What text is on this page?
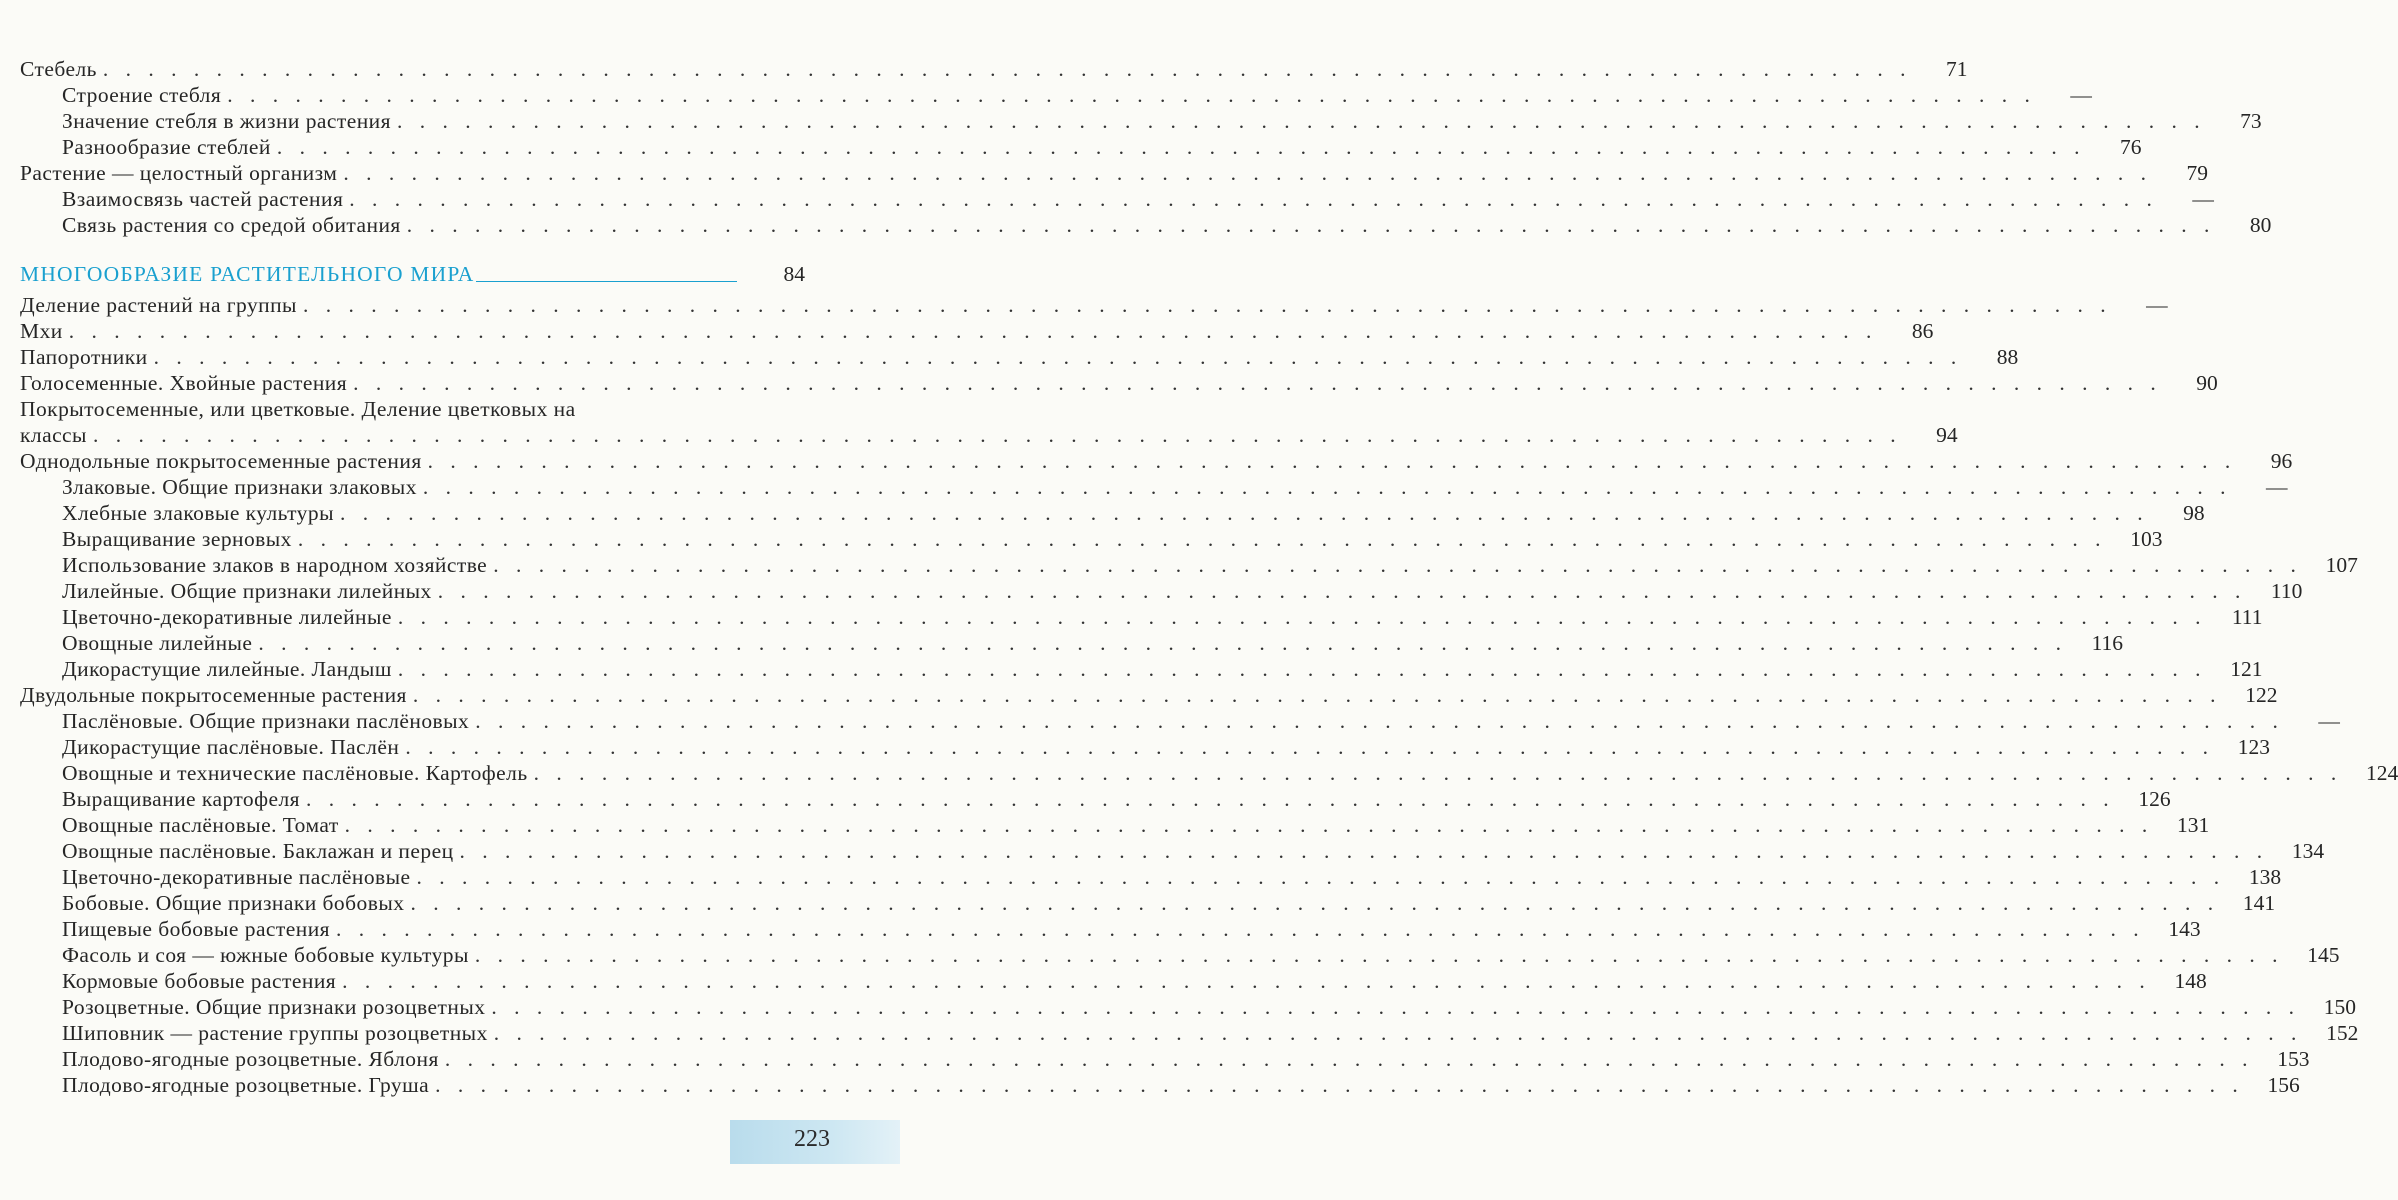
Стебель . . . . . . . . . . . . . . . . . . . . . . . . . . . . . . . . . . . . . . . . . . . . . . . . . . . . . . . . . . . . . . . . . . . . . . . . . . . . . . . .	71
Строение стебля . . . . . . . . . . . . . . . . . . . . . . . . . . . . . . . . . . . . . . . . . . . . . . . . . . . . . . . . . . . . . . . . . . . . . . . . . . . . . . . .	—
Значение стебля в жизни растения . . . . . . . . . . . . . . . . . . . . . . . . . . . . . . . . . . . . . . . . . . . . . . . . . . . . . . . . . . . . . . . . . . . . . . . . . . . . . . . .	73
Разнообразие стеблей . . . . . . . . . . . . . . . . . . . . . . . . . . . . . . . . . . . . . . . . . . . . . . . . . . . . . . . . . . . . . . . . . . . . . . . . . . . . . . . .	76
Растение — целостный организм . . . . . . . . . . . . . . . . . . . . . . . . . . . . . . . . . . . . . . . . . . . . . . . . . . . . . . . . . . . . . . . . . . . . . . . . . . . . . . . .	79
Взаимосвязь частей растения . . . . . . . . . . . . . . . . . . . . . . . . . . . . . . . . . . . . . . . . . . . . . . . . . . . . . . . . . . . . . . . . . . . . . . . . . . . . . . . .	—
Связь растения со средой обитания . . . . . . . . . . . . . . . . . . . . . . . . . . . . . . . . . . . . . . . . . . . . . . . . . . . . . . . . . . . . . . . . . . . . . . . . . . . . . . . .	80
МНОГООБРАЗИЕ РАСТИТЕЛЬНОГО МИРА	84
Деление растений на группы . . . . . . . . . . . . . . . . . . . . . . . . . . . . . . . . . . . . . . . . . . . . . . . . . . . . . . . . . . . . . . . . . . . . . . . . . . . . . . . .	—
Мхи . . . . . . . . . . . . . . . . . . . . . . . . . . . . . . . . . . . . . . . . . . . . . . . . . . . . . . . . . . . . . . . . . . . . . . . . . . . . . . . .	86
Папоротники . . . . . . . . . . . . . . . . . . . . . . . . . . . . . . . . . . . . . . . . . . . . . . . . . . . . . . . . . . . . . . . . . . . . . . . . . . . . . . . .	88
Голосеменные. Хвойные растения . . . . . . . . . . . . . . . . . . . . . . . . . . . . . . . . . . . . . . . . . . . . . . . . . . . . . . . . . . . . . . . . . . . . . . . . . . . . . . . .	90
Покрытосеменные, или цветковые. Деление цветковых на
классы . . . . . . . . . . . . . . . . . . . . . . . . . . . . . . . . . . . . . . . . . . . . . . . . . . . . . . . . . . . . . . . . . . . . . . . . . . . . . . . .	94
Однодольные покрытосеменные растения . . . . . . . . . . . . . . . . . . . . . . . . . . . . . . . . . . . . . . . . . . . . . . . . . . . . . . . . . . . . . . . . . . . . . . . . . . . . . . . .	96
Злаковые. Общие признаки злаковых . . . . . . . . . . . . . . . . . . . . . . . . . . . . . . . . . . . . . . . . . . . . . . . . . . . . . . . . . . . . . . . . . . . . . . . . . . . . . . . .	—
Хлебные злаковые культуры . . . . . . . . . . . . . . . . . . . . . . . . . . . . . . . . . . . . . . . . . . . . . . . . . . . . . . . . . . . . . . . . . . . . . . . . . . . . . . . .	98
Выращивание зерновых . . . . . . . . . . . . . . . . . . . . . . . . . . . . . . . . . . . . . . . . . . . . . . . . . . . . . . . . . . . . . . . . . . . . . . . . . . . . . . . .	103
Использование злаков в народном хозяйстве . . . . . . . . . . . . . . . . . . . . . . . . . . . . . . . . . . . . . . . . . . . . . . . . . . . . . . . . . . . . . . . . . . . . . . . . . . . . . . . .	107
Лилейные. Общие признаки лилейных . . . . . . . . . . . . . . . . . . . . . . . . . . . . . . . . . . . . . . . . . . . . . . . . . . . . . . . . . . . . . . . . . . . . . . . . . . . . . . . .	110
Цветочно-декоративные лилейные . . . . . . . . . . . . . . . . . . . . . . . . . . . . . . . . . . . . . . . . . . . . . . . . . . . . . . . . . . . . . . . . . . . . . . . . . . . . . . . .	111
Овощные лилейные . . . . . . . . . . . . . . . . . . . . . . . . . . . . . . . . . . . . . . . . . . . . . . . . . . . . . . . . . . . . . . . . . . . . . . . . . . . . . . . .	116
Дикорастущие лилейные. Ландыш . . . . . . . . . . . . . . . . . . . . . . . . . . . . . . . . . . . . . . . . . . . . . . . . . . . . . . . . . . . . . . . . . . . . . . . . . . . . . . . .	121
Двудольные покрытосеменные растения . . . . . . . . . . . . . . . . . . . . . . . . . . . . . . . . . . . . . . . . . . . . . . . . . . . . . . . . . . . . . . . . . . . . . . . . . . . . . . . .	122
Паслёновые. Общие признаки паслёновых . . . . . . . . . . . . . . . . . . . . . . . . . . . . . . . . . . . . . . . . . . . . . . . . . . . . . . . . . . . . . . . . . . . . . . . . . . . . . . . .	—
Дикорастущие паслёновые. Паслён . . . . . . . . . . . . . . . . . . . . . . . . . . . . . . . . . . . . . . . . . . . . . . . . . . . . . . . . . . . . . . . . . . . . . . . . . . . . . . . .	123
Овощные и технические паслёновые. Картофель . . . . . . . . . . . . . . . . . . . . . . . . . . . . . . . . . . . . . . . . . . . . . . . . . . . . . . . . . . . . . . . . . . . . . . . . . . . . . . . .	124
Выращивание картофеля . . . . . . . . . . . . . . . . . . . . . . . . . . . . . . . . . . . . . . . . . . . . . . . . . . . . . . . . . . . . . . . . . . . . . . . . . . . . . . . .	126
Овощные паслёновые. Томат . . . . . . . . . . . . . . . . . . . . . . . . . . . . . . . . . . . . . . . . . . . . . . . . . . . . . . . . . . . . . . . . . . . . . . . . . . . . . . . .	131
Овощные паслёновые. Баклажан и перец . . . . . . . . . . . . . . . . . . . . . . . . . . . . . . . . . . . . . . . . . . . . . . . . . . . . . . . . . . . . . . . . . . . . . . . . . . . . . . . .	134
Цветочно-декоративные паслёновые . . . . . . . . . . . . . . . . . . . . . . . . . . . . . . . . . . . . . . . . . . . . . . . . . . . . . . . . . . . . . . . . . . . . . . . . . . . . . . . .	138
Бобовые. Общие признаки бобовых . . . . . . . . . . . . . . . . . . . . . . . . . . . . . . . . . . . . . . . . . . . . . . . . . . . . . . . . . . . . . . . . . . . . . . . . . . . . . . . .	141
Пищевые бобовые растения . . . . . . . . . . . . . . . . . . . . . . . . . . . . . . . . . . . . . . . . . . . . . . . . . . . . . . . . . . . . . . . . . . . . . . . . . . . . . . . .	143
Фасоль и соя — южные бобовые культуры . . . . . . . . . . . . . . . . . . . . . . . . . . . . . . . . . . . . . . . . . . . . . . . . . . . . . . . . . . . . . . . . . . . . . . . . . . . . . . . .	145
Кормовые бобовые растения . . . . . . . . . . . . . . . . . . . . . . . . . . . . . . . . . . . . . . . . . . . . . . . . . . . . . . . . . . . . . . . . . . . . . . . . . . . . . . . .	148
Розоцветные. Общие признаки розоцветных . . . . . . . . . . . . . . . . . . . . . . . . . . . . . . . . . . . . . . . . . . . . . . . . . . . . . . . . . . . . . . . . . . . . . . . . . . . . . . . .	150
Шиповник — растение группы розоцветных . . . . . . . . . . . . . . . . . . . . . . . . . . . . . . . . . . . . . . . . . . . . . . . . . . . . . . . . . . . . . . . . . . . . . . . . . . . . . . . .	152
Плодово-ягодные розоцветные. Яблоня . . . . . . . . . . . . . . . . . . . . . . . . . . . . . . . . . . . . . . . . . . . . . . . . . . . . . . . . . . . . . . . . . . . . . . . . . . . . . . . .	153
Плодово-ягодные розоцветные. Груша . . . . . . . . . . . . . . . . . . . . . . . . . . . . . . . . . . . . . . . . . . . . . . . . . . . . . . . . . . . . . . . . . . . . . . . . . . . . . . . .	156
223
